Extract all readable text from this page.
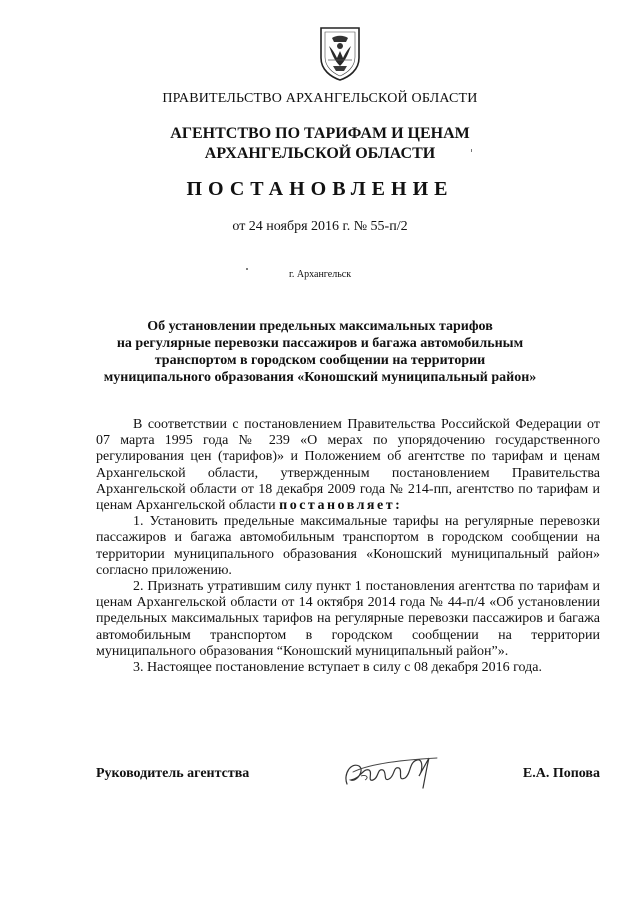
ПРАВИТЕЛЬСТВО АРХАНГЕЛЬСКОЙ ОБЛАСТИ
АГЕНТСТВО ПО ТАРИФАМ И ЦЕНАМ
АРХАНГЕЛЬСКОЙ ОБЛАСТИ
ПОСТАНОВЛЕНИЕ
от 24 ноября 2016 г. № 55-п/2
г. Архангельск
Об установлении предельных максимальных тарифов
на регулярные перевозки пассажиров и багажа автомобильным
транспортом в городском сообщении на территории
муниципального образования «Коношский муниципальный район»

В соответствии с постановлением Правительства Российской Федерации от 07 марта 1995 года № 239 «О мерах по упорядочению государственного регулирования цен (тарифов)» и Положением об агентстве по тарифам и ценам Архангельской области, утвержденным постановлением Правительства Архангельской области от 18 декабря 2009 года № 214-пп, агентство по тарифам и ценам Архангельской области постановляет:

1. Установить предельные максимальные тарифы на регулярные перевозки пассажиров и багажа автомобильным транспортом в городском сообщении на территории муниципального образования «Коношский муниципальный район» согласно приложению.

2. Признать утратившим силу пункт 1 постановления агентства по тарифам и ценам Архангельской области от 14 октября 2014 года № 44-п/4 «Об установлении предельных максимальных тарифов на регулярные перевозки пассажиров и багажа автомобильным транспортом в городском сообщении на территории муниципального образования “Коношский муниципальный район”».

3. Настоящее постановление вступает в силу с 08 декабря 2016 года.

Руководитель агентства	Е.А. Попова
